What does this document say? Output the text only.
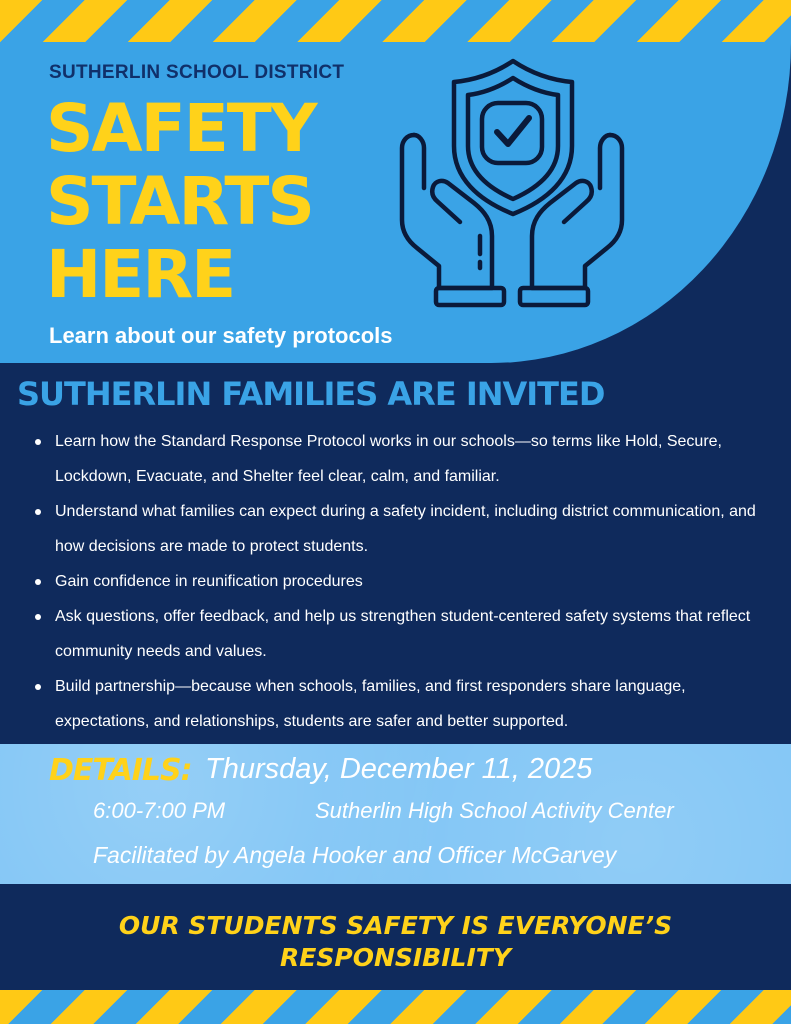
SUTHERLIN SCHOOL DISTRICT
SAFETY
STARTS
HERE
Learn about our safety protocols
SUTHERLIN FAMILIES ARE INVITED
Learn how the Standard Response Protocol works in our schools—so terms like Hold, Secure, Lockdown, Evacuate, and Shelter feel clear, calm, and familiar.
Understand what families can expect during a safety incident, including district communication, and how decisions are made to protect students.
Gain confidence in reunification procedures
Ask questions, offer feedback, and help us strengthen student-centered safety systems that reflect community needs and values.
Build partnership—because when schools, families, and first responders share language, expectations, and relationships, students are safer and better supported.
DETAILS: Thursday, December 11, 2025
6:00-7:00 PM	Sutherlin High School Activity Center
Facilitated by Angela Hooker and Officer McGarvey

OUR STUDENTS SAFETY IS EVERYONE’S RESPONSIBILITY
